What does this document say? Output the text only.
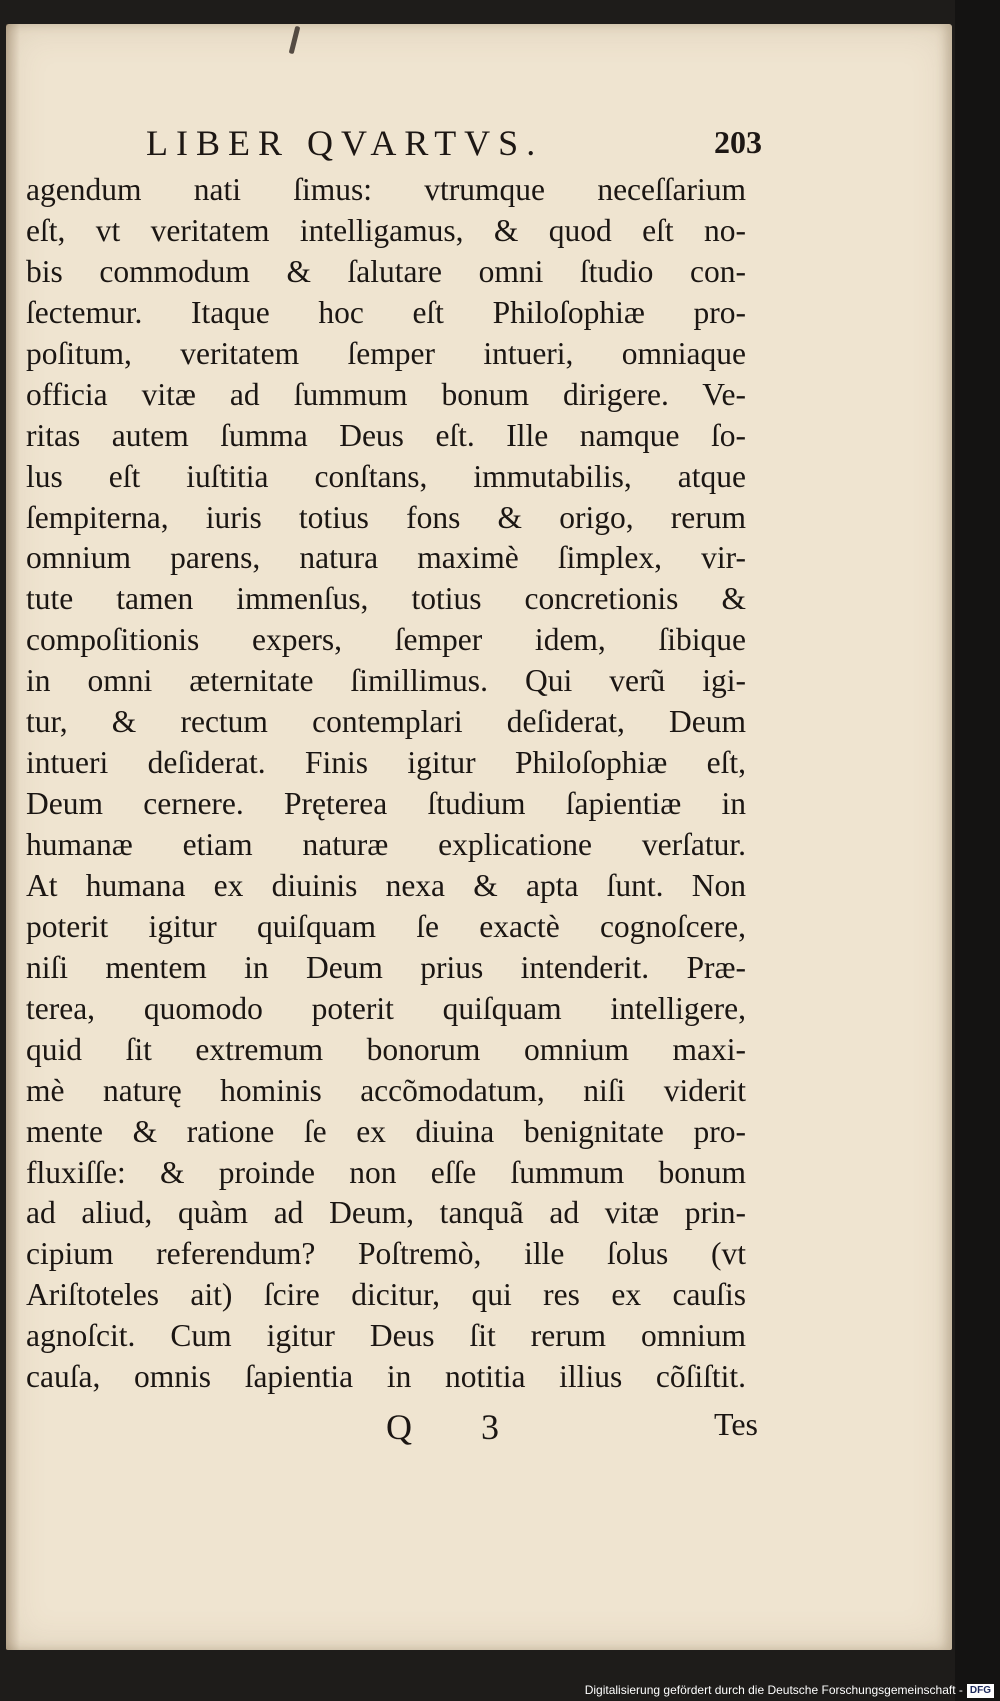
LIBER QVARTVS.	203
agendum nati ſimus: vtrumque neceſſarium
eſt, vt veritatem intelligamus, & quod eſt no-
bis commodum & ſalutare omni ſtudio con-
ſectemur. Itaque hoc eſt Philoſophiæ pro-
poſitum, veritatem ſemper intueri, omniaque
officia vitæ ad ſummum bonum dirigere. Ve-
ritas autem ſumma Deus eſt. Ille namque ſo-
lus eſt iuſtitia conſtans, immutabilis, atque
ſempiterna, iuris totius fons & origo, rerum
omnium parens, natura maximè ſimplex, vir-
tute tamen immenſus, totius concretionis &
compoſitionis expers, ſemper idem, ſibique
in omni æternitate ſimillimus. Qui verũ igi-
tur, & rectum contemplari deſiderat, Deum
intueri deſiderat. Finis igitur Philoſophiæ eſt,
Deum cernere. Pręterea ſtudium ſapientiæ in
humanæ etiam naturæ explicatione verſatur.
At humana ex diuinis nexa & apta ſunt. Non
poterit igitur quiſquam ſe exactè cognoſcere,
niſi mentem in Deum prius intenderit. Præ-
terea, quomodo poterit quiſquam intelligere,
quid ſit extremum bonorum omnium maxi-
mè naturę hominis accõmodatum, niſi viderit
mente & ratione ſe ex diuina benignitate pro-
fluxiſſe: & proinde non eſſe ſummum bonum
ad aliud, quàm ad Deum, tanquã ad vitæ prin-
cipium referendum? Poſtremò, ille ſolus (vt
Ariſtoteles ait) ſcire dicitur, qui res ex cauſis
agnoſcit. Cum igitur Deus ſit rerum omnium
cauſa, omnis ſapientia in notitia illius cõſiſtit.
Q 3	Tes
Digitalisierung gefördert durch die Deutsche Forschungsgemeinschaft - DFG
